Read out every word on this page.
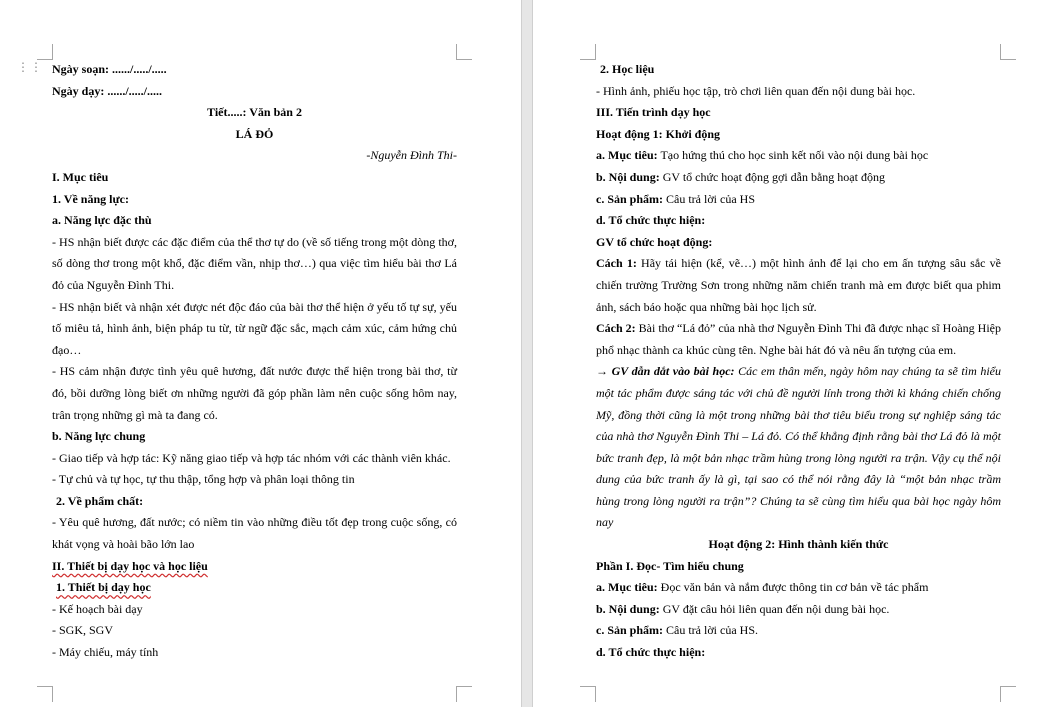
⋮⋮ Ngày soạn: ....../...../.....

Ngày dạy: ....../...../.....

Tiết.....: Văn bản 2

LÁ ĐỎ

-Nguyễn Đình Thi-

I. Mục tiêu

1. Về năng lực:

a. Năng lực đặc thù

- HS nhận biết được các đặc điểm của thể thơ tự do (về số tiếng trong một dòng thơ, số dòng thơ trong một khổ, đặc điểm vần, nhịp thơ…) qua việc tìm hiểu bài thơ Lá đỏ của Nguyễn Đình Thi.

- HS nhận biết và nhận xét được nét độc đáo của bài thơ thể hiện ở yếu tố tự sự, yếu tố miêu tả, hình ảnh, biện pháp tu từ, từ ngữ đặc sắc, mạch cảm xúc, cảm hứng chủ đạo…

- HS cảm nhận được tình yêu quê hương, đất nước được thể hiện trong bài thơ, từ đó, bồi dưỡng lòng biết ơn những người đã góp phần làm nên cuộc sống hôm nay, trân trọng những gì mà ta đang có.

b. Năng lực chung

- Giao tiếp và hợp tác: Kỹ năng giao tiếp và hợp tác nhóm với các thành viên khác.

- Tự chủ và tự học, tự thu thập, tổng hợp và phân loại thông tin

2. Về phẩm chất:

- Yêu quê hương, đất nước; có niềm tin vào những điều tốt đẹp trong cuộc sống, có khát vọng và hoài bão lớn lao

II. Thiết bị dạy học và học liệu

1. Thiết bị dạy học

- Kế hoạch bài dạy

- SGK, SGV

- Máy chiếu, máy tính

2. Học liệu

- Hình ảnh, phiếu học tập, trò chơi liên quan đến nội dung bài học.

III. Tiến trình dạy học

Hoạt động 1: Khởi động

a. Mục tiêu: Tạo hứng thú cho học sinh kết nối vào nội dung bài học

b. Nội dung: GV tổ chức hoạt động gợi dẫn bằng hoạt động

c. Sản phẩm: Câu trả lời của HS

d. Tổ chức thực hiện:

GV tổ chức hoạt động:

Cách 1: Hãy tái hiện (kể, vẽ…) một hình ảnh để lại cho em ấn tượng sâu sắc về chiến trường Trường Sơn trong những năm chiến tranh mà em được biết qua phim ảnh, sách báo hoặc qua những bài học lịch sử.

Cách 2: Bài thơ “Lá đỏ” của nhà thơ Nguyễn Đình Thi đã được nhạc sĩ Hoàng Hiệp phổ nhạc thành ca khúc cùng tên. Nghe bài hát đó và nêu ấn tượng của em.

→ GV dẫn dắt vào bài học: Các em thân mến, ngày hôm nay chúng ta sẽ tìm hiểu một tác phẩm được sáng tác với chủ đề người lính trong thời kì kháng chiến chống Mỹ, đồng thời cũng là một trong những bài thơ tiêu biểu trong sự nghiệp sáng tác của nhà thơ Nguyễn Đình Thi – Lá đỏ. Có thể khẳng định rằng bài thơ Lá đỏ là một bức tranh đẹp, là một bản nhạc trầm hùng trong lòng người ra trận. Vậy cụ thể nội dung của bức tranh ấy là gì, tại sao có thể nói rằng đây là “một bản nhạc trầm hùng trong lòng người ra trận”? Chúng ta sẽ cùng tìm hiểu qua bài học ngày hôm nay

Hoạt động 2: Hình thành kiến thức

Phần I. Đọc- Tìm hiểu chung

a. Mục tiêu: Đọc văn bản và nắm được thông tin cơ bản về tác phẩm

b. Nội dung: GV đặt câu hỏi liên quan đến nội dung bài học.

c. Sản phẩm: Câu trả lời của HS.

d. Tổ chức thực hiện:
